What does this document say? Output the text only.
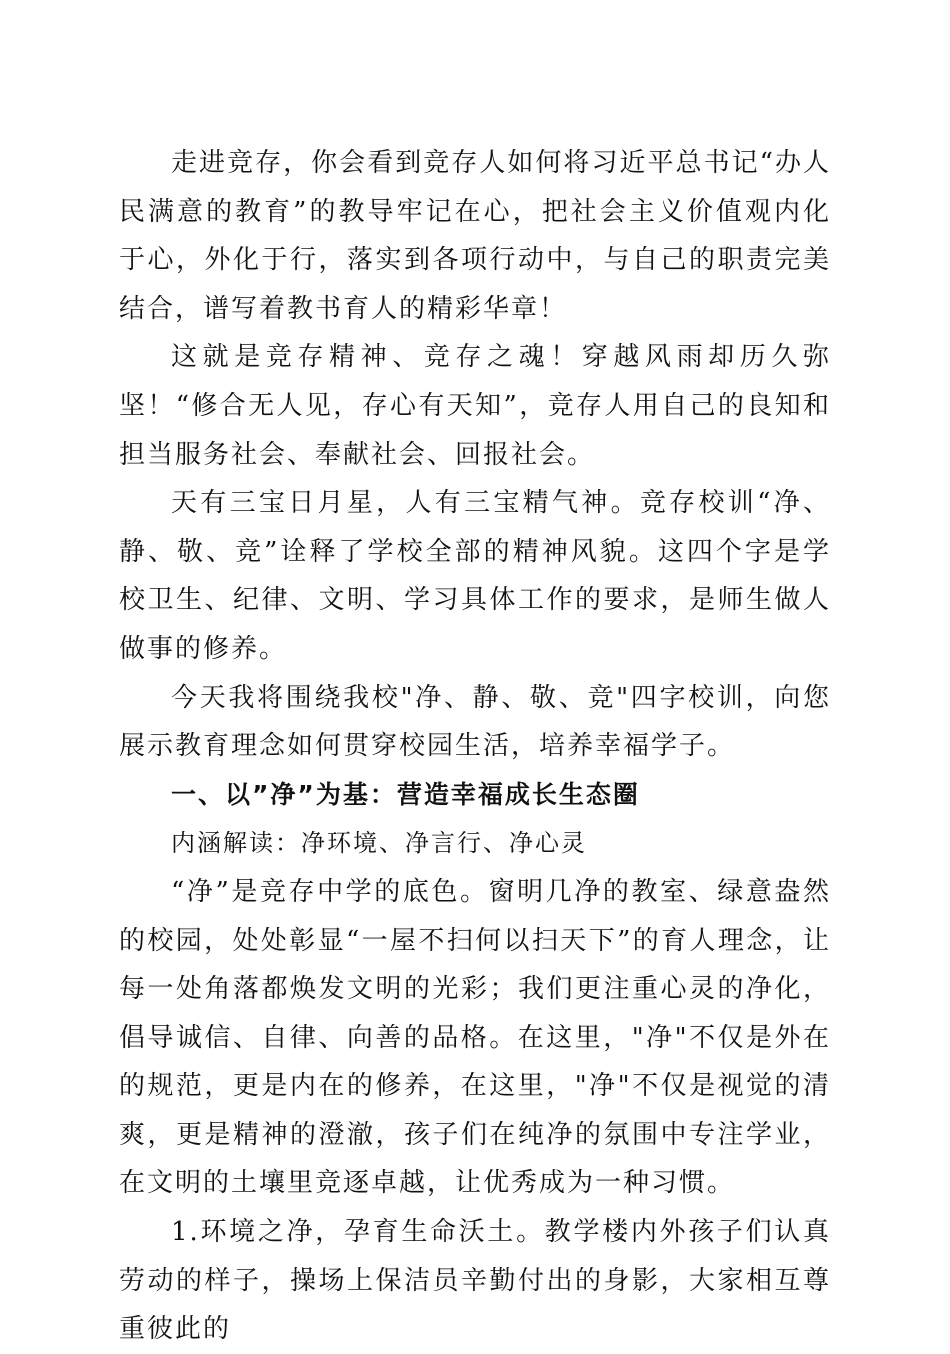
走进竞存，你会看到竞存人如何将习近平总书记“办人民满意的教育”的教导牢记在心，把社会主义价值观内化于心，外化于行，落实到各项行动中，与自己的职责完美结合，谱写着教书育人的精彩华章！

这就是竞存精神、竞存之魂！穿越风雨却历久弥坚！“修合无人见，存心有天知”，竞存人用自己的良知和担当服务社会、奉献社会、回报社会。

天有三宝日月星，人有三宝精气神。竞存校训“净、静、敬、竞”诠释了学校全部的精神风貌。这四个字是学校卫生、纪律、文明、学习具体工作的要求，是师生做人做事的修养。

今天我将围绕我校"净、静、敬、竞"四字校训，向您展示教育理念如何贯穿校园生活，培养幸福学子。

一、以”净”为基：营造幸福成长生态圈

内涵解读：净环境、净言行、净心灵

“净”是竞存中学的底色。窗明几净的教室、绿意盎然的校园，处处彰显“一屋不扫何以扫天下”的育人理念，让每一处角落都焕发文明的光彩；我们更注重心灵的净化，倡导诚信、自律、向善的品格。在这里，"净"不仅是外在的规范，更是内在的修养，在这里，"净"不仅是视觉的清爽，更是精神的澄澈，孩子们在纯净的氛围中专注学业，在文明的土壤里竞逐卓越，让优秀成为一种习惯。

1.环境之净，孕育生命沃土。教学楼内外孩子们认真劳动的样子，操场上保洁员辛勤付出的身影，大家相互尊重彼此的
